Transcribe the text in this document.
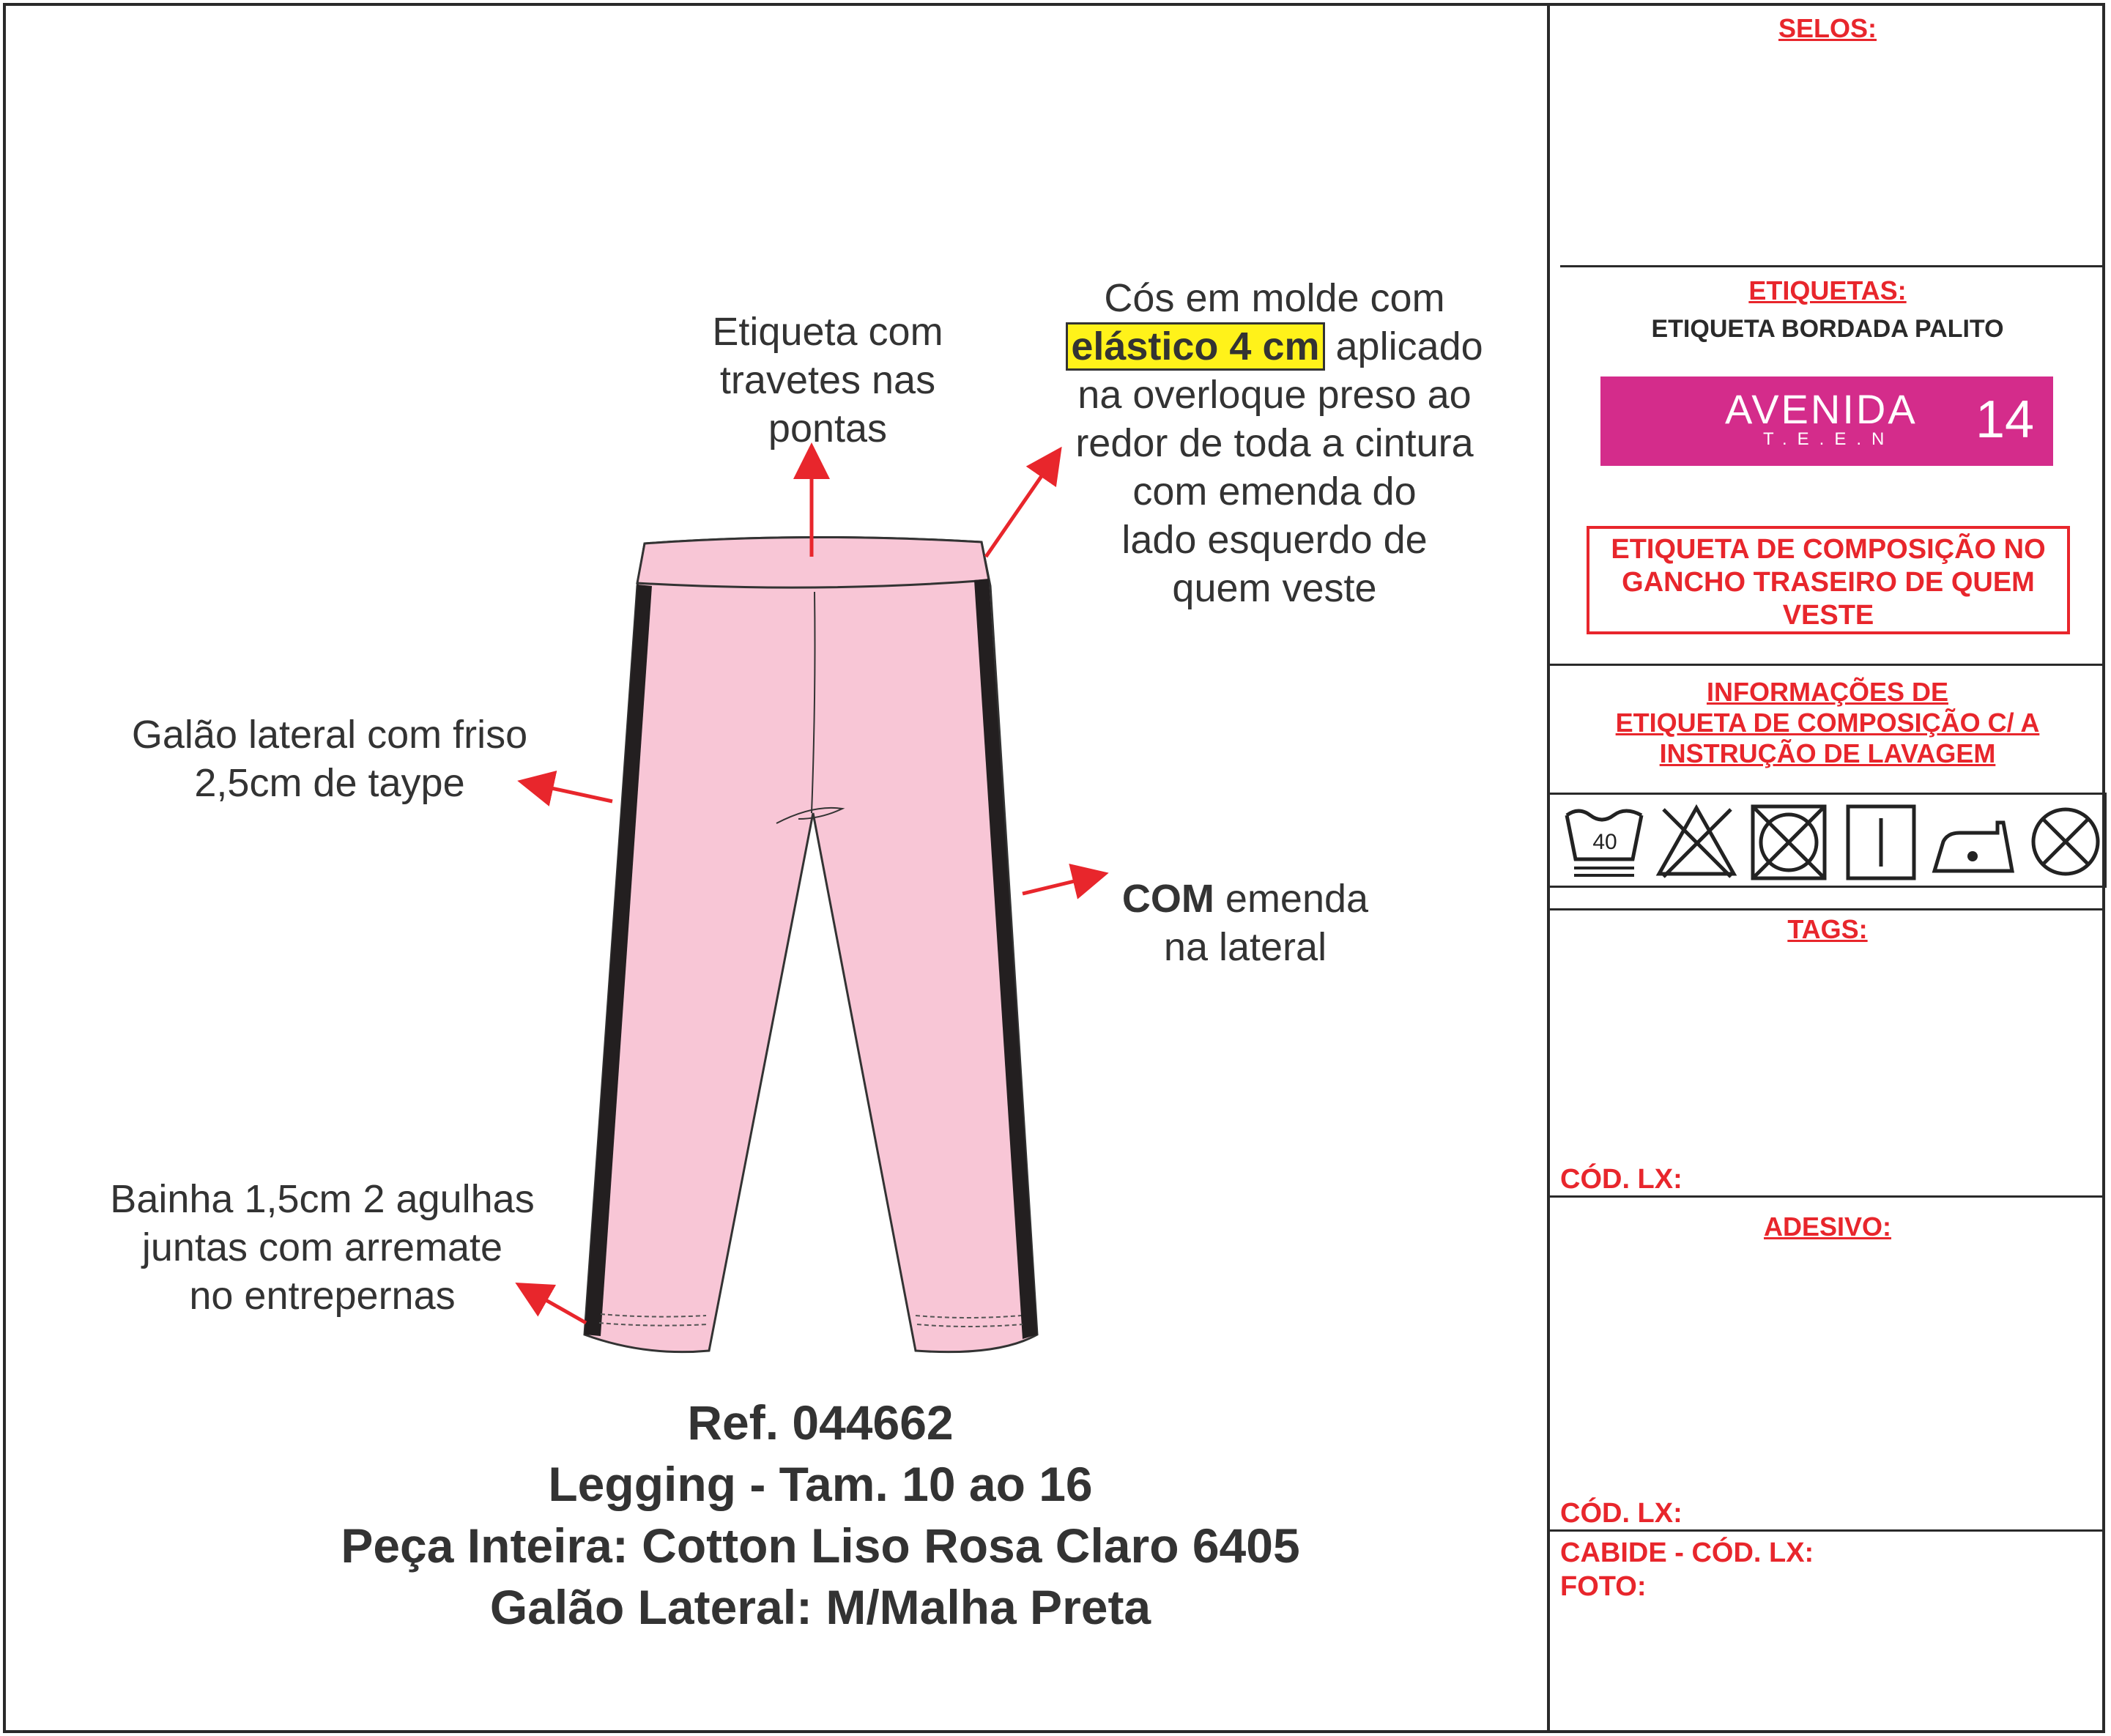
Etiqueta com
travetes nas
pontas
Cós em molde com
elástico 4 cm aplicado
na overloque preso ao
redor de toda a cintura
com emenda do
lado esquerdo de
quem veste
Galão lateral com friso
2,5cm de taype
COM emenda
na lateral
Bainha 1,5cm 2 agulhas
juntas com arremate
no entrepernas
Ref. 044662
Legging - Tam. 10 ao 16
Peça Inteira: Cotton Liso Rosa Claro 6405
Galão Lateral: M/Malha Preta
SELOS:
ETIQUETAS:
ETIQUETA BORDADA PALITO
AVENIDA
T.E.E.N 14
ETIQUETA DE COMPOSIÇÃO NO
GANCHO TRASEIRO DE QUEM
VESTE
INFORMAÇÕES DE
ETIQUETA DE COMPOSIÇÃO C/ A
INSTRUÇÃO DE LAVAGEM
40
TAGS:
CÓD. LX:
ADESIVO:
CÓD. LX:
CABIDE - CÓD. LX:
FOTO:
